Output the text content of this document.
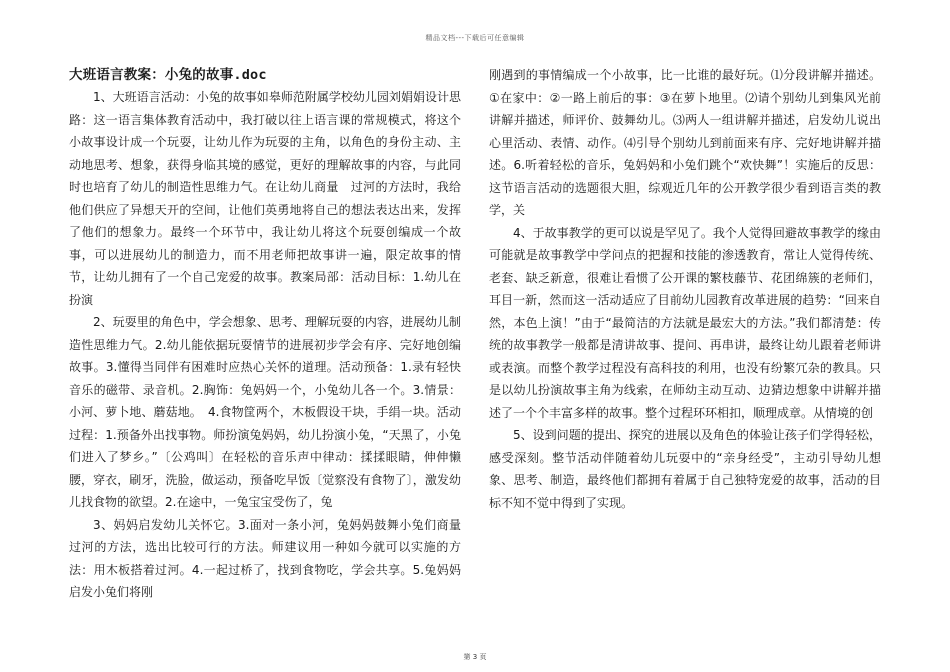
精品文档---下载后可任意编辑
大班语言教案：小兔的故事.doc

1、大班语言活动：小兔的故事如皋师范附属学校幼儿园刘娟娟设计思路：这一语言集体教育活动中，我打破以往上语言课的常规模式，将这个小故事设计成一个玩耍，让幼儿作为玩耍的主角，以角色的身份主动、主动地思考、想象，获得身临其境的感觉，更好的理解故事的内容，与此同时也培育了幼儿的制造性思维力气。在让幼儿商量　过河的方法时，我给他们供应了异想天开的空间，让他们英勇地将自己的想法表达出来，发挥了他们的想象力。最终一个环节中，我让幼儿将这个玩耍创编成一个故事，可以进展幼儿的制造力，而不用老师把故事讲一遍，限定故事的情节，让幼儿拥有了一个自己宠爱的故事。教案局部：活动目标：1.幼儿在扮演

2、玩耍里的角色中，学会想象、思考、理解玩耍的内容，进展幼儿制造性思维力气。2.幼儿能依据玩耍情节的进展初步学会有序、完好地创编故事。3.懂得当同伴有困难时应热心关怀的道理。活动预备：1.录有轻快音乐的磁带、录音机。2.胸饰：兔妈妈一个，小兔幼儿各一个。3.情景：小河、萝卜地、蘑菇地。　4.食物筐两个，木板假设干块，手绢一块。活动过程：1.预备外出找事物。师扮演兔妈妈，幼儿扮演小兔，“天黑了，小兔们进入了梦乡。”〔公鸡叫〕在轻松的音乐声中律动：揉揉眼睛，伸伸懒腰，穿衣，刷牙，洗脸，做运动，预备吃早饭〔觉察没有食物了〕，激发幼儿找食物的欲望。2.在途中，一兔宝宝受伤了，兔

3、妈妈启发幼儿关怀它。3.面对一条小河，兔妈妈鼓舞小兔们商量　过河的方法，选出比较可行的方法。师建议用一种如今就可以实施的方法：用木板搭着过河。4.一起过桥了，找到食物吃，学会共享。5.兔妈妈启发小兔们将刚

刚遇到的事情编成一个小故事，比一比谁的最好玩。⑴分段讲解并描述。①在家中：②一路上前后的事：③在萝卜地里。⑵请个别幼儿到集风光前讲解并描述，师评价、鼓舞幼儿。⑶两人一组讲解并描述，启发幼儿说出心里活动、表情、动作。⑷引导个别幼儿到前面来有序、完好地讲解并描述。6.听着轻松的音乐，兔妈妈和小兔们跳个“欢快舞”！实施后的反思：这节语言活动的选题很大胆，综观近几年的公开教学很少看到语言类的教学，关

4、于故事教学的更可以说是罕见了。我个人觉得回避故事教学的缘由可能就是故事教学中学问点的把握和技能的渗透教育，常让人觉得传统、老套、缺乏新意，很难让看惯了公开课的繁枝藤节、花团绵簇的老师们，耳目一新，然而这一活动适应了目前幼儿园教育改革进展的趋势：“回来自然，本色上演！”由于“最简洁的方法就是最宏大的方法。”我们都清楚：传统的故事教学一般都是清讲故事、提问、再串讲，最终让幼儿跟着老师讲或表演。而整个教学过程没有高科技的利用，也没有纷繁冗杂的教具。只是以幼儿扮演故事主角为线索，在师幼主动互动、边猜边想象中讲解并描述了一个个丰富多样的故事。整个过程环环相扣，顺理成章。从情境的创

5、设到问题的提出、探究的进展以及角色的体验让孩子们学得轻松，感受深刻。整节活动伴随着幼儿玩耍中的“亲身经受”，主动引导幼儿想象、思考、制造，最终他们都拥有着属于自己独特宠爱的故事，活动的目标不知不觉中得到了实现。

第 3 页
